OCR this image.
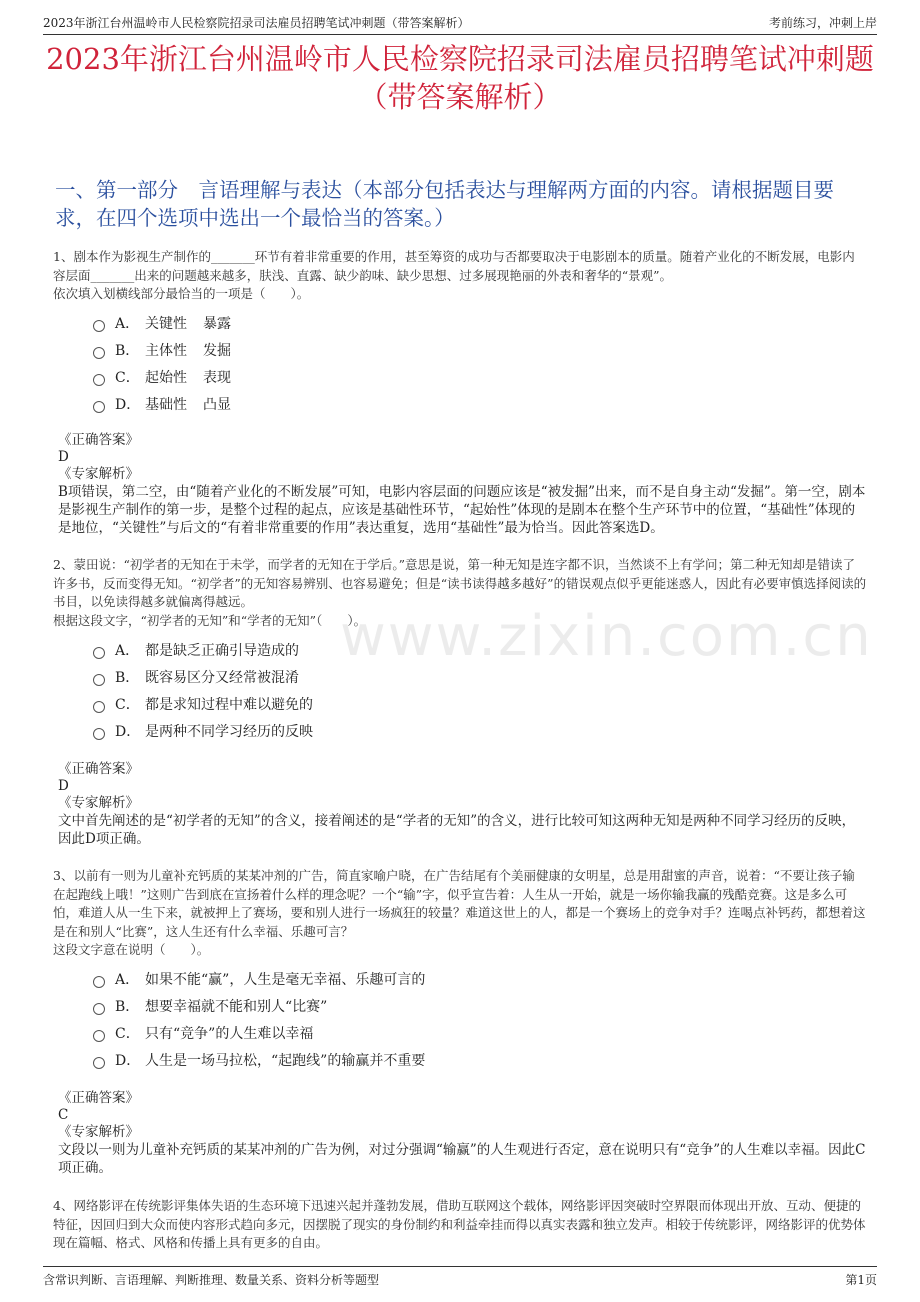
2023年浙江台州温岭市人民检察院招录司法雇员招聘笔试冲刺题（带答案解析）	考前练习，冲刺上岸
2023年浙江台州温岭市人民检察院招录司法雇员招聘笔试冲刺题（带答案解析）
一、第一部分　言语理解与表达（本部分包括表达与理解两方面的内容。请根据题目要求，在四个选项中选出一个最恰当的答案。）
www.zixin.com.cn

1、剧本作为影视生产制作的_______环节有着非常重要的作用，甚至筹资的成功与否都要取决于电影剧本的质量。随着产业化的不断发展，电影内容层面_______出来的问题越来越多，肤浅、直露、缺少韵味、缺少思想、过多展现艳丽的外表和奢华的“景观”。

依次填入划横线部分最恰当的一项是（　　）。

A． 关键性	暴露
B． 主体性	发掘
C． 起始性	表现
D． 基础性	凸显
《正确答案》
D
《专家解析》

B项错误，第二空，由“随着产业化的不断发展”可知，电影内容层面的问题应该是“被发掘”出来，而不是自身主动“发掘”。第一空，剧本是影视生产制作的第一步，是整个过程的起点，应该是基础性环节，“起始性”体现的是剧本在整个生产环节中的位置，“基础性”体现的是地位，“关键性”与后文的“有着非常重要的作用”表达重复，选用“基础性”最为恰当。因此答案选D。

2、蒙田说：“初学者的无知在于未学，而学者的无知在于学后。”意思是说，第一种无知是连字都不识，当然谈不上有学问；第二种无知却是错读了许多书，反而变得无知。“初学者”的无知容易辨别、也容易避免；但是“读书读得越多越好”的错误观点似乎更能迷惑人，因此有必要审慎选择阅读的书目，以免读得越多就偏离得越远。

根据这段文字，“初学者的无知”和“学者的无知”（　　）。

A． 都是缺乏正确引导造成的
B． 既容易区分又经常被混淆
C． 都是求知过程中难以避免的
D． 是两种不同学习经历的反映
《正确答案》
D
《专家解析》

文中首先阐述的是“初学者的无知”的含义，接着阐述的是“学者的无知”的含义，进行比较可知这两种无知是两种不同学习经历的反映，因此D项正确。

3、以前有一则为儿童补充钙质的某某冲剂的广告，简直家喻户晓，在广告结尾有个美丽健康的女明星，总是用甜蜜的声音，说着：“不要让孩子输在起跑线上哦！”这则广告到底在宣扬着什么样的理念呢？一个“输”字，似乎宣告着：人生从一开始，就是一场你输我赢的残酷竞赛。这是多么可怕，难道人从一生下来，就被押上了赛场，要和别人进行一场疯狂的较量？难道这世上的人，都是一个赛场上的竞争对手？连喝点补钙药，都想着这是在和别人“比赛”，这人生还有什么幸福、乐趣可言？

这段文字意在说明（　　）。

A． 如果不能“赢”，人生是毫无幸福、乐趣可言的
B． 想要幸福就不能和别人“比赛”
C． 只有“竞争”的人生难以幸福
D． 人生是一场马拉松，“起跑线”的输赢并不重要
《正确答案》
C
《专家解析》

文段以一则为儿童补充钙质的某某冲剂的广告为例，对过分强调“输赢”的人生观进行否定，意在说明只有“竞争”的人生难以幸福。因此C项正确。

4、网络影评在传统影评集体失语的生态环境下迅速兴起并蓬勃发展，借助互联网这个载体，网络影评因突破时空界限而体现出开放、互动、便捷的特征，因回归到大众而使内容形式趋向多元，因摆脱了现实的身份制约和利益牵挂而得以真实表露和独立发声。相较于传统影评，网络影评的优势体现在篇幅、格式、风格和传播上具有更多的自由。

含常识判断、言语理解、判断推理、数量关系、资料分析等题型	第1页
